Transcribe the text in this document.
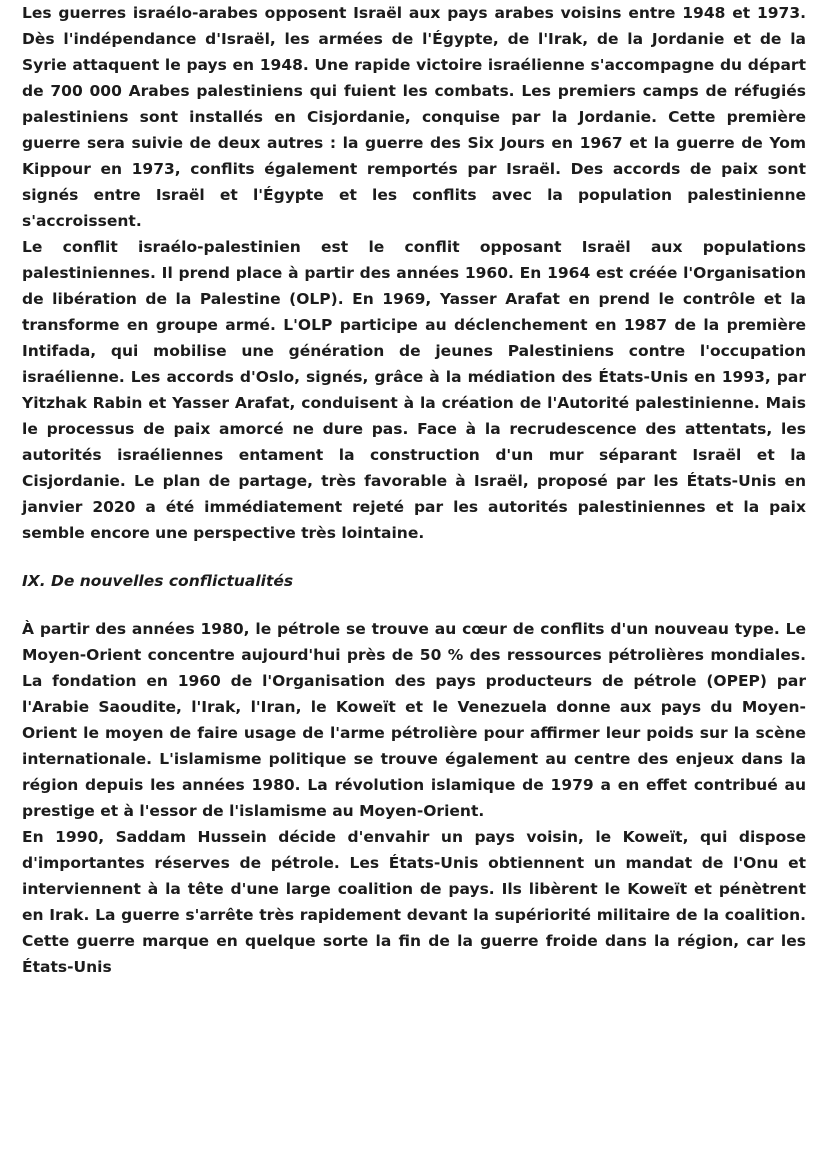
Les guerres israélo-arabes opposent Israël aux pays arabes voisins entre 1948 et 1973. Dès l'indépendance d'Israël, les armées de l'Égypte, de l'Irak, de la Jordanie et de la Syrie attaquent le pays en 1948. Une rapide victoire israélienne s'accompagne du départ de 700 000 Arabes palestiniens qui fuient les combats. Les premiers camps de réfugiés palestiniens sont installés en Cisjordanie, conquise par la Jordanie. Cette première guerre sera suivie de deux autres : la guerre des Six Jours en 1967 et la guerre de Yom Kippour en 1973, conflits également remportés par Israël. Des accords de paix sont signés entre Israël et l'Égypte et les conflits avec la population palestinienne s'accroissent.

Le conflit israélo-palestinien est le conflit opposant Israël aux populations palestiniennes. Il prend place à partir des années 1960. En 1964 est créée l'Organisation de libération de la Palestine (OLP). En 1969, Yasser Arafat en prend le contrôle et la transforme en groupe armé. L'OLP participe au déclenchement en 1987 de la première Intifada, qui mobilise une génération de jeunes Palestiniens contre l'occupation israélienne. Les accords d'Oslo, signés, grâce à la médiation des États-Unis en 1993, par Yitzhak Rabin et Yasser Arafat, conduisent à la création de l'Autorité palestinienne. Mais le processus de paix amorcé ne dure pas. Face à la recrudescence des attentats, les autorités israéliennes entament la construction d'un mur séparant Israël et la Cisjordanie. Le plan de partage, très favorable à Israël, proposé par les États-Unis en janvier 2020 a été immédiatement rejeté par les autorités palestiniennes et la paix semble encore une perspective très lointaine.

IX. De nouvelles conflictualités

À partir des années 1980, le pétrole se trouve au cœur de conflits d'un nouveau type. Le Moyen-Orient concentre aujourd'hui près de 50 % des ressources pétrolières mondiales. La fondation en 1960 de l'Organisation des pays producteurs de pétrole (OPEP) par l'Arabie Saoudite, l'Irak, l'Iran, le Koweït et le Venezuela donne aux pays du Moyen-Orient le moyen de faire usage de l'arme pétrolière pour affirmer leur poids sur la scène internationale. L'islamisme politique se trouve également au centre des enjeux dans la région depuis les années 1980. La révolution islamique de 1979 a en effet contribué au prestige et à l'essor de l'islamisme au Moyen-Orient.

En 1990, Saddam Hussein décide d'envahir un pays voisin, le Koweït, qui dispose d'importantes réserves de pétrole. Les États-Unis obtiennent un mandat de l'Onu et interviennent à la tête d'une large coalition de pays. Ils libèrent le Koweït et pénètrent en Irak. La guerre s'arrête très rapidement devant la supériorité militaire de la coalition. Cette guerre marque en quelque sorte la fin de la guerre froide dans la région, car les États-Unis
